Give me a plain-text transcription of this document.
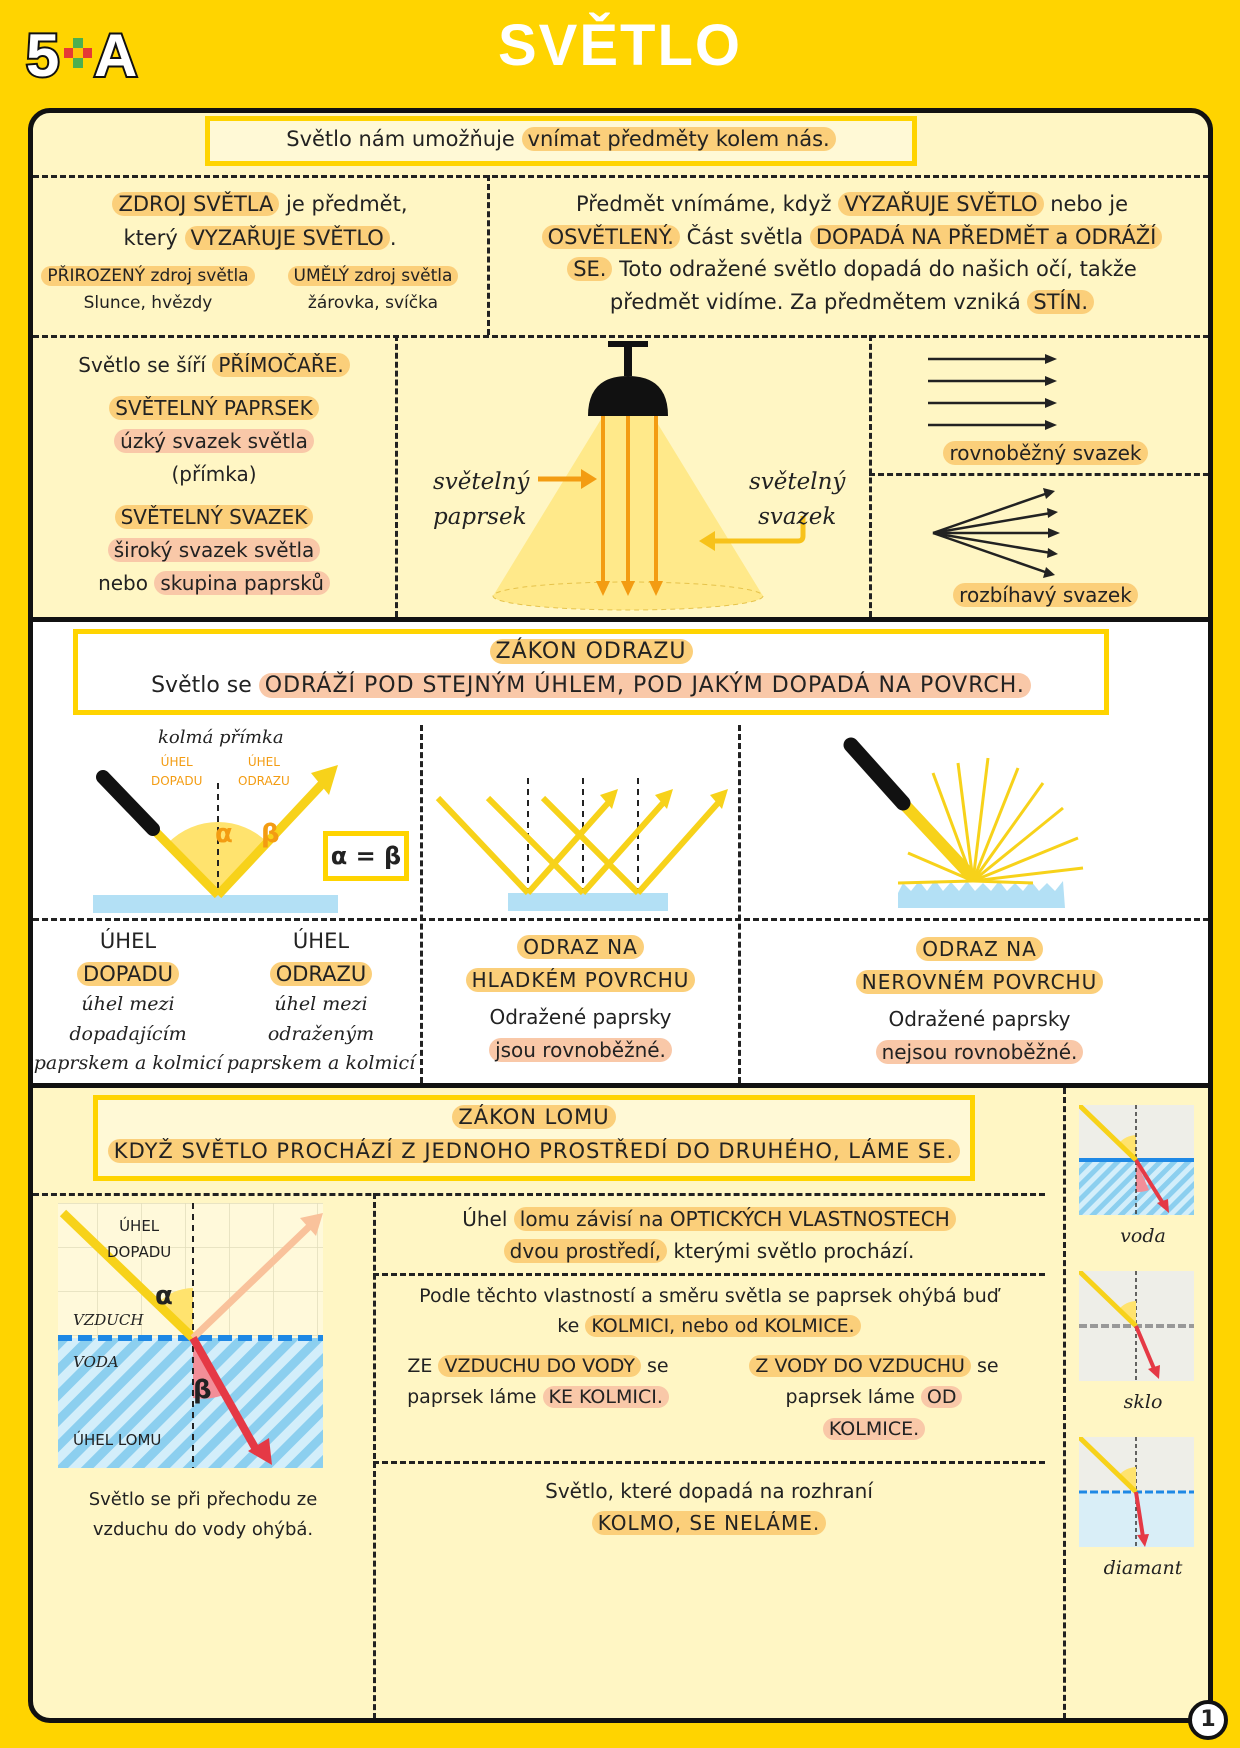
5 A	SVĚTLO
Světlo nám umožňuje vnímat předměty kolem nás.
ZDROJ SVĚTLA je předmět,
který VYZAŘUJE SVĚTLO .
PŘIROZENÝ zdroj světla
Slunce, hvězdy
UMĚLÝ zdroj světla
žárovka, svíčka
Předmět vnímáme, když VYZAŘUJE SVĚTLO nebo je
OSVĚTLENÝ. Část světla DOPADÁ NA PŘEDMĚT a ODRÁŽÍ
SE. Toto odražené světlo dopadá do našich očí, takže
předmět vidíme. Za předmětem vzniká STÍN.
Světlo se šíří PŘÍMOČAŘE.
SVĚTELNÝ PAPRSEK
úzký svazek světla
(přímka)
SVĚTELNÝ SVAZEK
široký svazek světla
nebo skupina paprsků
světelný
paprsek
světelný
svazek
rovnoběžný svazek
rozbíhavý svazek
ZÁKON ODRAZU
Světlo se ODRÁŽÍ POD STEJNÝM ÚHLEM, POD JAKÝM DOPADÁ NA POVRCH.
kolmá přímka
ÚHEL
DOPADU
ÚHEL
ODRAZU
α β
α = β
ÚHEL
DOPADU
úhel mezi
dopadajícím
paprskem a kolmicí
ÚHEL
ODRAZU
úhel mezi
odraženým
paprskem a kolmicí
ODRAZ NA
HLADKÉM POVRCHU
Odražené paprsky
jsou rovnoběžné.
ODRAZ NA
NEROVNÉM POVRCHU
Odražené paprsky
nejsou rovnoběžné.
ZÁKON LOMU
KDYŽ SVĚTLO PROCHÁZÍ Z JEDNOHO PROSTŘEDÍ DO DRUHÉHO, LÁME SE.
ÚHEL
DOPADU
α
VZDUCH
VODA
β
ÚHEL LOMU
Světlo se při přechodu ze
vzduchu do vody ohýbá.
Úhel lomu závisí na OPTICKÝCH VLASTNOSTECH
dvou prostředí, kterými světlo prochází.
Podle těchto vlastností a směru světla se paprsek ohýbá buď
ke KOLMICI, nebo od KOLMICE.
ZE VZDUCHU DO VODY se
paprsek láme KE KOLMICI.
Z VODY DO VZDUCHU se
paprsek láme OD
KOLMICE.
Světlo, které dopadá na rozhraní
KOLMO, SE NELÁME.
voda
sklo
diamant
1
